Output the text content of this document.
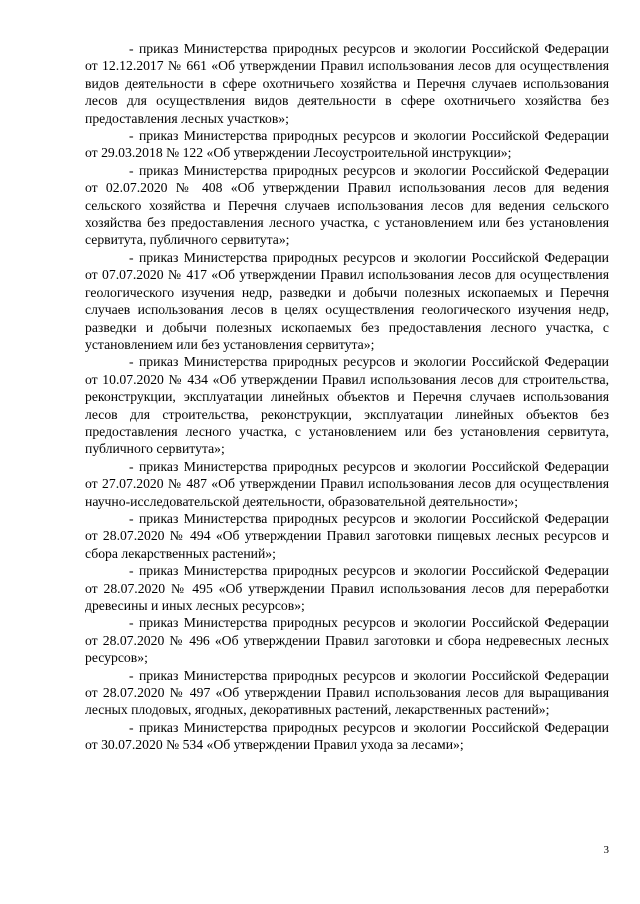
- приказ Министерства природных ресурсов и экологии Российской Федерации от 12.12.2017 № 661 «Об утверждении Правил использования лесов для осуществления видов деятельности в сфере охотничьего хозяйства и Перечня случаев использования лесов для осуществления видов деятельности в сфере охотничьего хозяйства без предоставления лесных участков»;

- приказ Министерства природных ресурсов и экологии Российской Федерации от 29.03.2018 № 122 «Об утверждении Лесоустроительной инструкции»;

- приказ Министерства природных ресурсов и экологии Российской Федерации от 02.07.2020 № 408 «Об утверждении Правил использования лесов для ведения сельского хозяйства и Перечня случаев использования лесов для ведения сельского хозяйства без предоставления лесного участка, с установлением или без установления сервитута, публичного сервитута»;

- приказ Министерства природных ресурсов и экологии Российской Федерации от 07.07.2020 № 417 «Об утверждении Правил использования лесов для осуществления геологического изучения недр, разведки и добычи полезных ископаемых и Перечня случаев использования лесов в целях осуществления геологического изучения недр, разведки и добычи полезных ископаемых без предоставления лесного участка, с установлением или без установления сервитута»;

- приказ Министерства природных ресурсов и экологии Российской Федерации от 10.07.2020 № 434 «Об утверждении Правил использования лесов для строительства, реконструкции, эксплуатации линейных объектов и Перечня случаев использования лесов для строительства, реконструкции, эксплуатации линейных объектов без предоставления лесного участка, с установлением или без установления сервитута, публичного сервитута»;

- приказ Министерства природных ресурсов и экологии Российской Федерации от 27.07.2020 № 487 «Об утверждении Правил использования лесов для осуществления научно-исследовательской деятельности, образовательной деятельности»;

- приказ Министерства природных ресурсов и экологии Российской Федерации от 28.07.2020 № 494 «Об утверждении Правил заготовки пищевых лесных ресурсов и сбора лекарственных растений»;

- приказ Министерства природных ресурсов и экологии Российской Федерации от 28.07.2020 № 495 «Об утверждении Правил использования лесов для переработки древесины и иных лесных ресурсов»;

- приказ Министерства природных ресурсов и экологии Российской Федерации от 28.07.2020 № 496 «Об утверждении Правил заготовки и сбора недревесных лесных ресурсов»;

- приказ Министерства природных ресурсов и экологии Российской Федерации от 28.07.2020 № 497 «Об утверждении Правил использования лесов для выращивания лесных плодовых, ягодных, декоративных растений, лекарственных растений»;

- приказ Министерства природных ресурсов и экологии Российской Федерации от 30.07.2020 № 534 «Об утверждении Правил ухода за лесами»;

3
